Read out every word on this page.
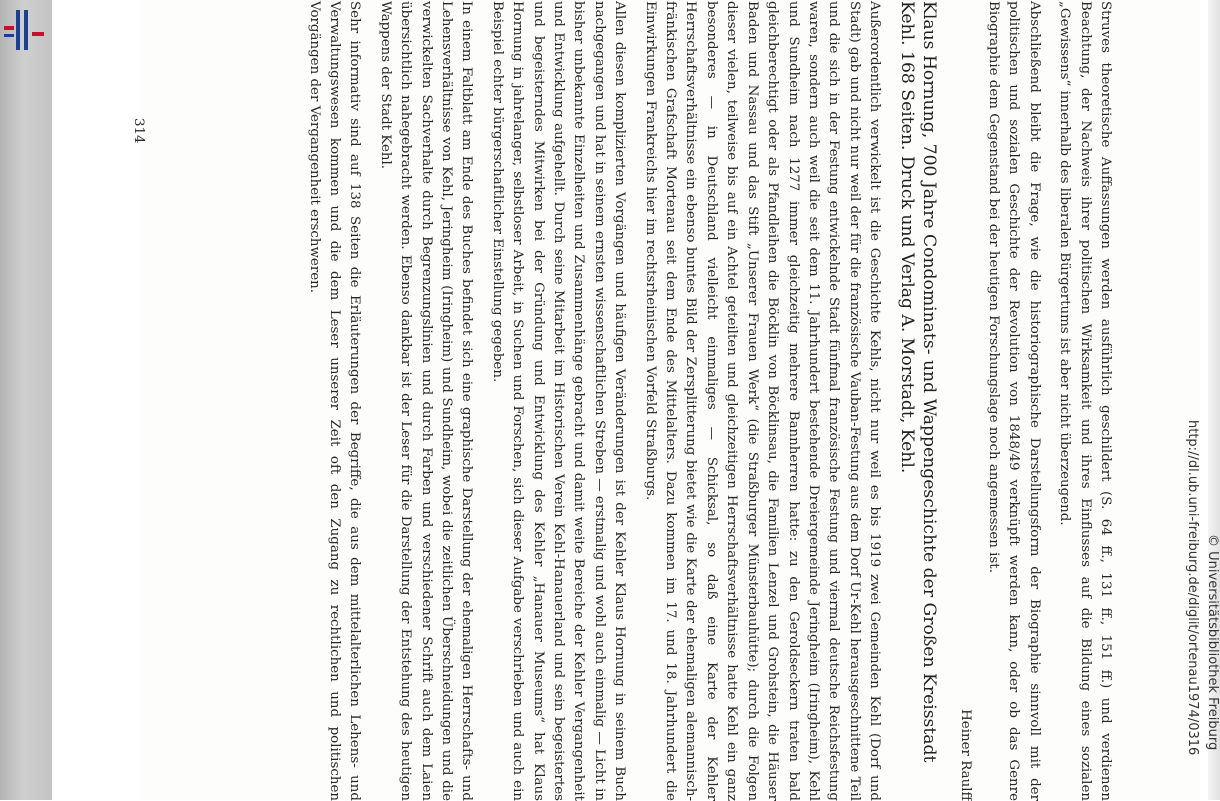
Struves theoretische Auffassungen werden ausführlich geschildert (S. 64 ff., 131 ff., 151 ff.) und verdienen Beachtung, der Nachweis ihrer politischen Wirksamkeit und ihres Einflusses auf die Bildung eines sozialen „Gewissens“ innerhalb des liberalen Bürgertums ist aber nicht überzeugend.

Abschließend bleibt die Frage, wie die historiographische Darstellungsform der Biographie sinnvoll mit der politischen und sozialen Geschichte der Revolution von 1848/49 verknüpft werden kann, oder ob das Genre Biographie dem Gegenstand bei der heutigen Forschungslage noch angemessen ist.

Heiner Raulff
Klaus Hornung, 700 Jahre Condominats- und Wappengeschichte der Großen Kreisstadt Kehl. 168 Seiten. Druck und Verlag A. Morstadt, Kehl.

Außerordentlich verwickelt ist die Geschichte Kehls, nicht nur weil es bis 1919 zwei Gemeinden Kehl (Dorf und Stadt) gab und nicht nur weil der für die französische Vauban-Festung aus dem Dorf Ur-Kehl herausgeschnittene Teil und die sich in der Festung entwickelnde Stadt fünfmal französische Festung und viermal deutsche Reichsfestung waren, sondern auch weil die seit dem 11. Jahrhundert bestehende Dreiergemeinde Jeringheim (Iringheim), Kehl und Sundheim nach 1277 immer gleichzeitig mehrere Bannherren hatte: zu den Geroldseckern traten bald gleichberechtigt oder als Pfandleihen die Böcklin von Böcklinsau, die Familien Lenzel und Grohstein, die Häuser Baden und Nassau und das Stift „Unserer Frauen Werk“ (die Straßburger Münsterbauhütte); durch die Folgen dieser vielen, teilweise bis auf ein Achtel geteilten und gleichzeitigen Herrschaftsverhältnisse hatte Kehl ein ganz besonderes — in Deutschland vielleicht einmaliges — Schicksal, so daß eine Karte der Kehler Herrschaftsverhältnisse ein ebenso buntes Bild der Zersplitterung bietet wie die Karte der ehemaligen alemannisch-fränkischen Grafschaft Mortenau seit dem Ende des Mittelalters. Dazu kommen im 17. und 18. Jahrhundert die Einwirkungen Frankreichs hier im rechtsrheinischen Vorfeld Straßburgs.

Allen diesen komplizierten Vorgängen und häufigen Veränderungen ist der Kehler Klaus Hornung in seinem Buch nachgegangen und hat in seinem ernsten wissenschaftlichen Streben — erstmalig und wohl auch einmalig — Licht in bisher unbekannte Einzelheiten und Zusammenhänge gebracht und damit weite Bereiche der Kehler Vergangenheit und Entwicklung aufgehellt. Durch seine Mitarbeit im Historischen Verein Kehl-Hanauerland und sein begeistertes und begeisterndes Mitwirken bei der Gründung und Entwicklung des Kehler „Hanauer Museums“ hat Klaus Hornung in jahrelanger, selbstloser Arbeit, in Suchen und Forschen, sich dieser Aufgabe verschrieben und auch ein Beispiel echter bürgerschaftlicher Einstellung gegeben.

In einem Faltblatt am Ende des Buches befindet sich eine graphische Darstellung der ehemaligen Herrschafts- und Lehensverhältnisse von Kehl, Jeringheim (Iringheim) und Sundheim, wobei die zeitlichen Überschneidungen und die verwickelten Sachverhalte durch Begrenzungslinien und durch Farben und verschiedener Schrift auch dem Laien übersichtlich nahegebracht werden. Ebenso dankbar ist der Leser für die Darstellung der Entstehung des heutigen Wappens der Stadt Kehl.

Sehr informativ sind auf 138 Seiten die Erläuterungen der Begriffe, die aus dem mittelalterlichen Lehens- und Verwaltungswesen kommen und die dem Leser unserer Zeit oft den Zugang zu rechtlichen und politischen Vorgängen der Vergangenheit erschweren.

314
http://dl.ub.uni-freiburg.de/diglit/ortenau1974/0316 © Universitätsbibliothek Freiburg
